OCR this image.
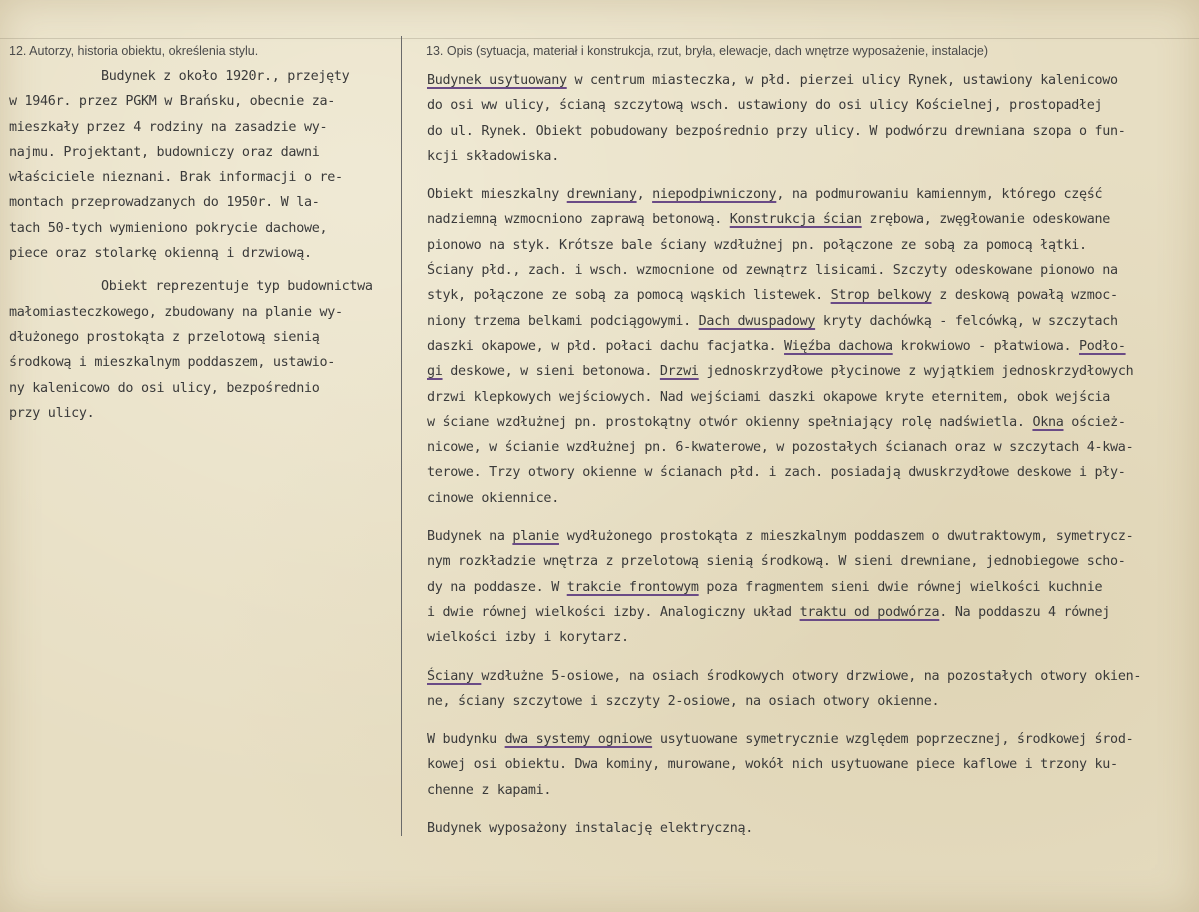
12. Autorzy, historia obiektu, określenia stylu.	13. Opis (sytuacja, materiał i konstrukcja, rzut, bryła, elewacje, dach wnętrze wyposażenie, instalacje)
Budynek z około 1920r., przejęty
w 1946r. przez PGKM w Brańsku, obecnie za-
mieszkały przez 4 rodziny na zasadzie wy-
najmu. Projektant, budowniczy oraz dawni
właściciele nieznani. Brak informacji o re-
montach przeprowadzanych do 1950r. W la-
tach 50-tych wymieniono pokrycie dachowe,
piece oraz stolarkę okienną i drzwiową.
Obiekt reprezentuje typ budownictwa
małomiasteczkowego, zbudowany na planie wy-
dłużonego prostokąta z przelotową sienią
środkową i mieszkalnym poddaszem, ustawio-
ny kalenicowo do osi ulicy, bezpośrednio
przy ulicy.
Budynek usytuowany w centrum miasteczka, w płd. pierzei ulicy Rynek, ustawiony kalenicowo
do osi ww ulicy, ścianą szczytową wsch. ustawiony do osi ulicy Kościelnej, prostopadłej
do ul. Rynek. Obiekt pobudowany bezpośrednio przy ulicy. W podwórzu drewniana szopa o fun-
kcji składowiska.
Obiekt mieszkalny drewniany, niepodpiwniczony, na podmurowaniu kamiennym, którego część
nadziemną wzmocniono zaprawą betonową. Konstrukcja ścian zrębowa, zwęgłowanie odeskowane
pionowo na styk. Krótsze bale ściany wzdłużnej pn. połączone ze sobą za pomocą łątki.
Ściany płd., zach. i wsch. wzmocnione od zewnątrz lisicami. Szczyty odeskowane pionowo na
styk, połączone ze sobą za pomocą wąskich listewek. Strop belkowy z deskową powałą wzmoc-
niony trzema belkami podciągowymi. Dach dwuspadowy kryty dachówką - felcówką, w szczytach
daszki okapowe, w płd. połaci dachu facjatka. Więźba dachowa krokwiowo - płatwiowa. Podło-
gi deskowe, w sieni betonowa. Drzwi jednoskrzydłowe płycinowe z wyjątkiem jednoskrzydłowych
drzwi klepkowych wejściowych. Nad wejściami daszki okapowe kryte eternitem, obok wejścia
w ściane wzdłużnej pn. prostokątny otwór okienny spełniający rolę nadświetla. Okna oścież-
nicowe, w ścianie wzdłużnej pn. 6-kwaterowe, w pozostałych ścianach oraz w szczytach 4-kwa-
terowe. Trzy otwory okienne w ścianach płd. i zach. posiadają dwuskrzydłowe deskowe i pły-
cinowe okiennice.
Budynek na planie wydłużonego prostokąta z mieszkalnym poddaszem o dwutraktowym, symetrycz-
nym rozkładzie wnętrza z przelotową sienią środkową. W sieni drewniane, jednobiegowe scho-
dy na poddasze. W trakcie frontowym poza fragmentem sieni dwie równej wielkości kuchnie
i dwie równej wielkości izby. Analogiczny układ traktu od podwórza. Na poddaszu 4 równej
wielkości izby i korytarz.
Ściany wzdłużne 5-osiowe, na osiach środkowych otwory drzwiowe, na pozostałych otwory okien-
ne, ściany szczytowe i szczyty 2-osiowe, na osiach otwory okienne.
W budynku dwa systemy ogniowe usytuowane symetrycznie względem poprzecznej, środkowej środ-
kowej osi obiektu. Dwa kominy, murowane, wokół nich usytuowane piece kaflowe i trzony ku-
chenne z kapami.
Budynek wyposażony instalację elektryczną.
